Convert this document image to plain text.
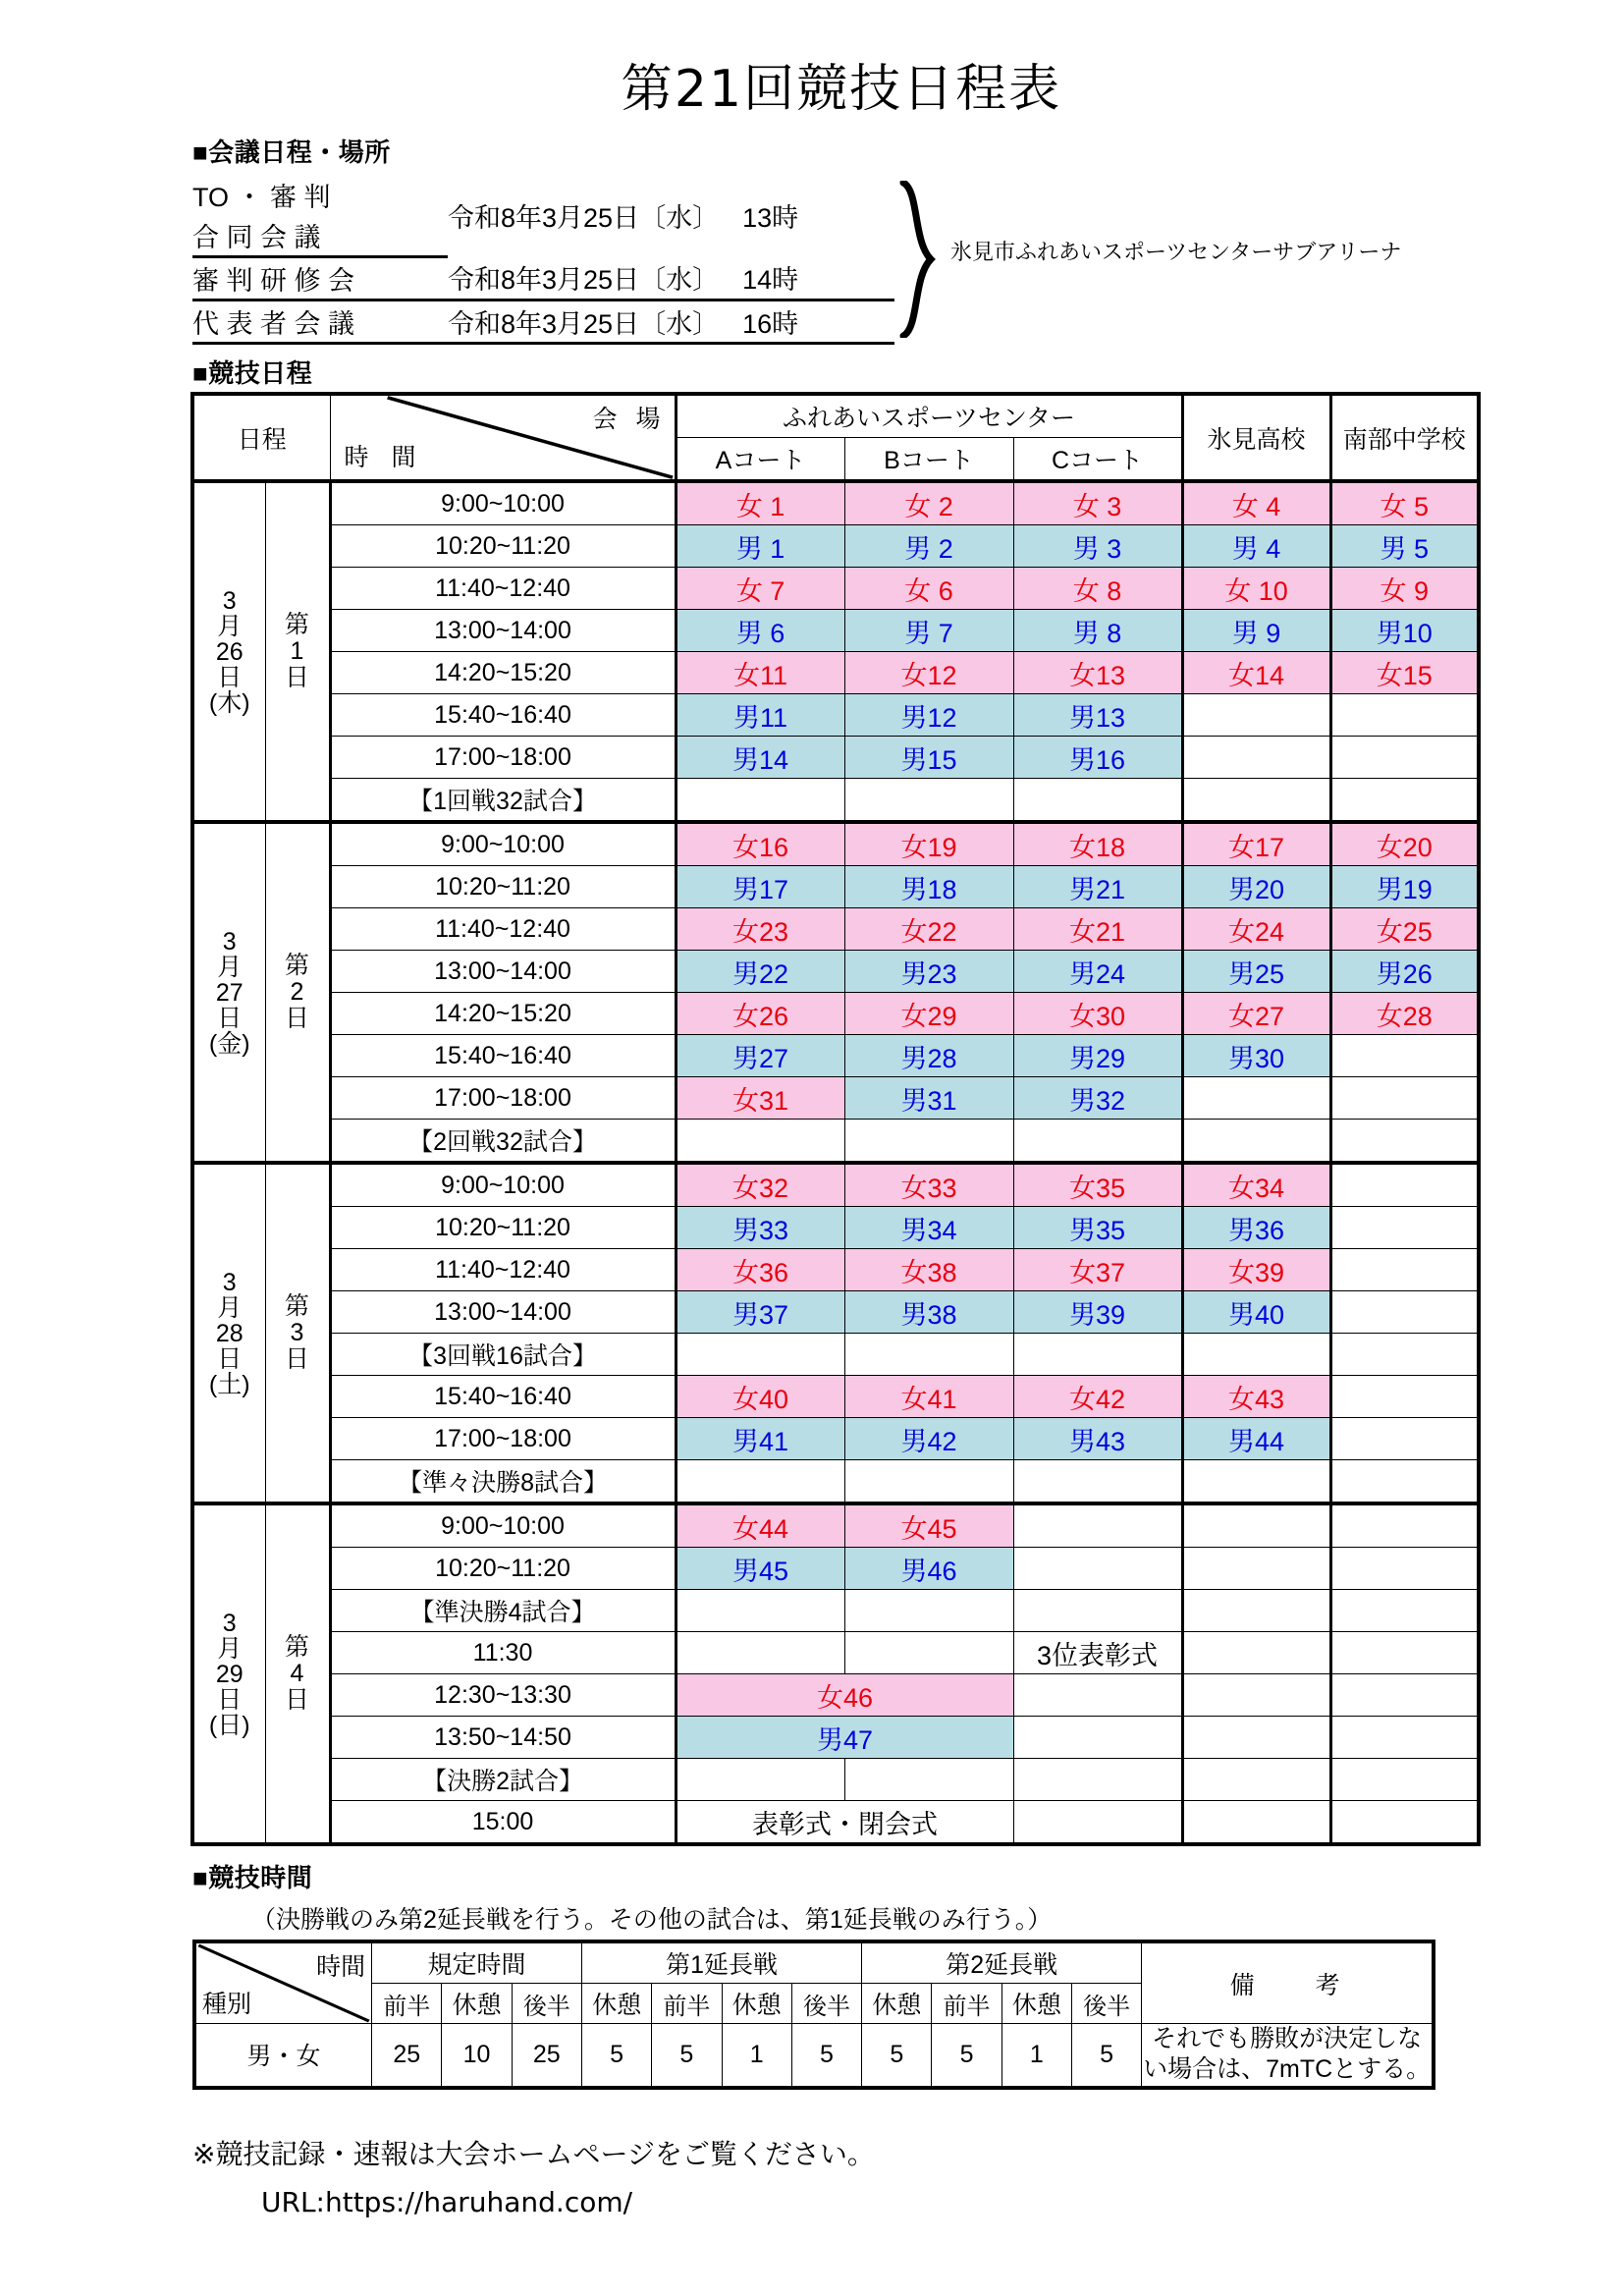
第21回競技日程表
■会議日程・場所
TO ・ 審 判	令和8年3月25日〔水〕 13時

合 同 会 議	

審 判 研 修 会	令和8年3月25日〔水〕 14時

代 表 者 会 議	令和8年3月25日〔水〕 16時
氷見市ふれあいスポーツセンターサブアリーナ
■競技日程
日程		会 場
時 間	ふれあいスポーツセンター			氷見高校	南部中学校
			Aコート	Bコート	Cコート		

3
月
26
日
(木)	第
1
日	9:00~10:00	女 1	女 2	女 3	女 4	女 5
		10:20~11:20	男 1	男 2	男 3	男 4	男 5
		11:40~12:40	女 7	女 6	女 8	女 10	女 9
		13:00~14:00	男 6	男 7	男 8	男 9	男10
		14:20~15:20	女11	女12	女13	女14	女15
		15:40~16:40	男11	男12	男13		
		17:00~18:00	男14	男15	男16		
		【1回戦32試合】					

3
月
27
日
(金)	第
2
日	9:00~10:00	女16	女19	女18	女17	女20
		10:20~11:20	男17	男18	男21	男20	男19
		11:40~12:40	女23	女22	女21	女24	女25
		13:00~14:00	男22	男23	男24	男25	男26
		14:20~15:20	女26	女29	女30	女27	女28
		15:40~16:40	男27	男28	男29	男30	
		17:00~18:00	女31	男31	男32		
		【2回戦32試合】					

3
月
28
日
(土)	第
3
日	9:00~10:00	女32	女33	女35	女34	
		10:20~11:20	男33	男34	男35	男36	
		11:40~12:40	女36	女38	女37	女39	
		13:00~14:00	男37	男38	男39	男40	
		【3回戦16試合】					
		15:40~16:40	女40	女41	女42	女43	
		17:00~18:00	男41	男42	男43	男44	
		【準々決勝8試合】					

3
月
29
日
(日)	第
4
日	9:00~10:00	女44	女45			
		10:20~11:20	男45	男46			
		【準決勝4試合】					
		11:30			3位表彰式		
		12:30~13:30	女46				
		13:50~14:50	男47				
		【決勝2試合】					
		15:00	表彰式・閉会式				
■競技時間
（決勝戦のみ第2延長戦を行う。その他の試合は、第1延長戦のみ行う。）
時間
種別	規定時間			第1延長戦				第2延長戦				備　　考
	前半	休憩	後半	休憩	前半	休憩	後半	休憩	前半	休憩	後半	
男・女	25	10	25	5	5	1	5	5	5	1	5	それでも勝敗が決定しな
い場合は、7mTCとする。
※競技記録・速報は大会ホームページをご覧ください。
URL:https://haruhand.com/
